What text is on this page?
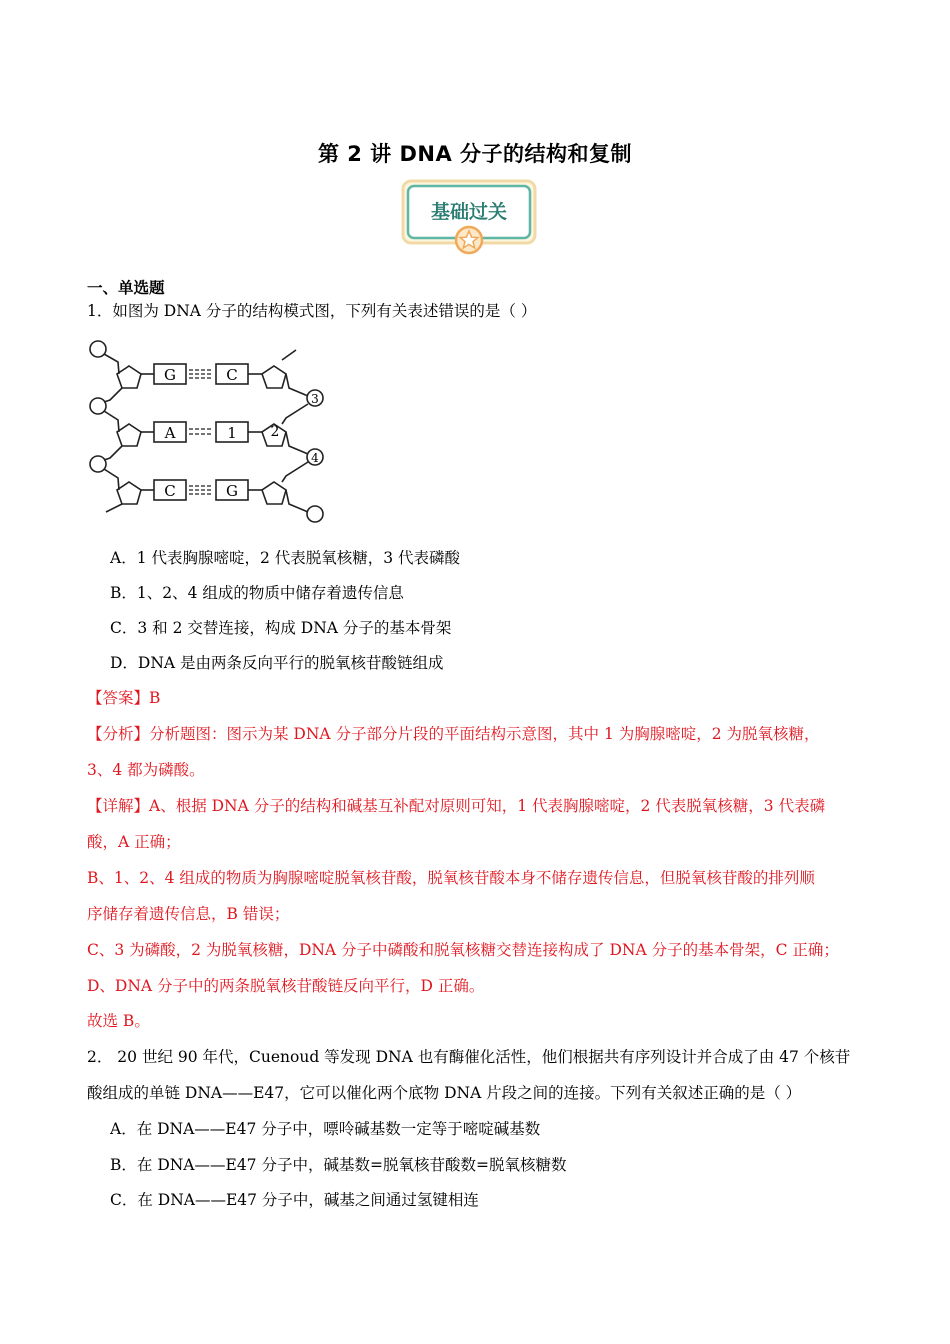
第 2 讲 DNA 分子的结构和复制
基础过关
一、单选题
1．如图为 DNA 分子的结构模式图，下列有关表述错误的是（ ）
G	C
A	1
C	G
2
3
4
A．1 代表胸腺嘧啶，2 代表脱氧核糖，3 代表磷酸
B．1、2、4 组成的物质中储存着遗传信息
C．3 和 2 交替连接，构成 DNA 分子的基本骨架
D．DNA 是由两条反向平行的脱氧核苷酸链组成
【答案】B
【分析】分析题图：图示为某 DNA 分子部分片段的平面结构示意图，其中 1 为胸腺嘧啶，2 为脱氧核糖，
3、4 都为磷酸。
【详解】A、根据 DNA 分子的结构和碱基互补配对原则可知，1 代表胸腺嘧啶，2 代表脱氧核糖，3 代表磷
酸，A 正确；
B、1、2、4 组成的物质为胸腺嘧啶脱氧核苷酸，脱氧核苷酸本身不储存遗传信息，但脱氧核苷酸的排列顺
序储存着遗传信息，B 错误；
C、3 为磷酸，2 为脱氧核糖，DNA 分子中磷酸和脱氧核糖交替连接构成了 DNA 分子的基本骨架，C 正确；
D、DNA 分子中的两条脱氧核苷酸链反向平行，D 正确。
故选 B。
2． 20 世纪 90 年代，Cuenoud 等发现 DNA 也有酶催化活性，他们根据共有序列设计并合成了由 47 个核苷
酸组成的单链 DNA——E47，它可以催化两个底物 DNA 片段之间的连接。下列有关叙述正确的是（ ）
A．在 DNA——E47 分子中，嘌呤碱基数一定等于嘧啶碱基数
B．在 DNA——E47 分子中，碱基数=脱氧核苷酸数=脱氧核糖数
C．在 DNA——E47 分子中，碱基之间通过氢键相连
